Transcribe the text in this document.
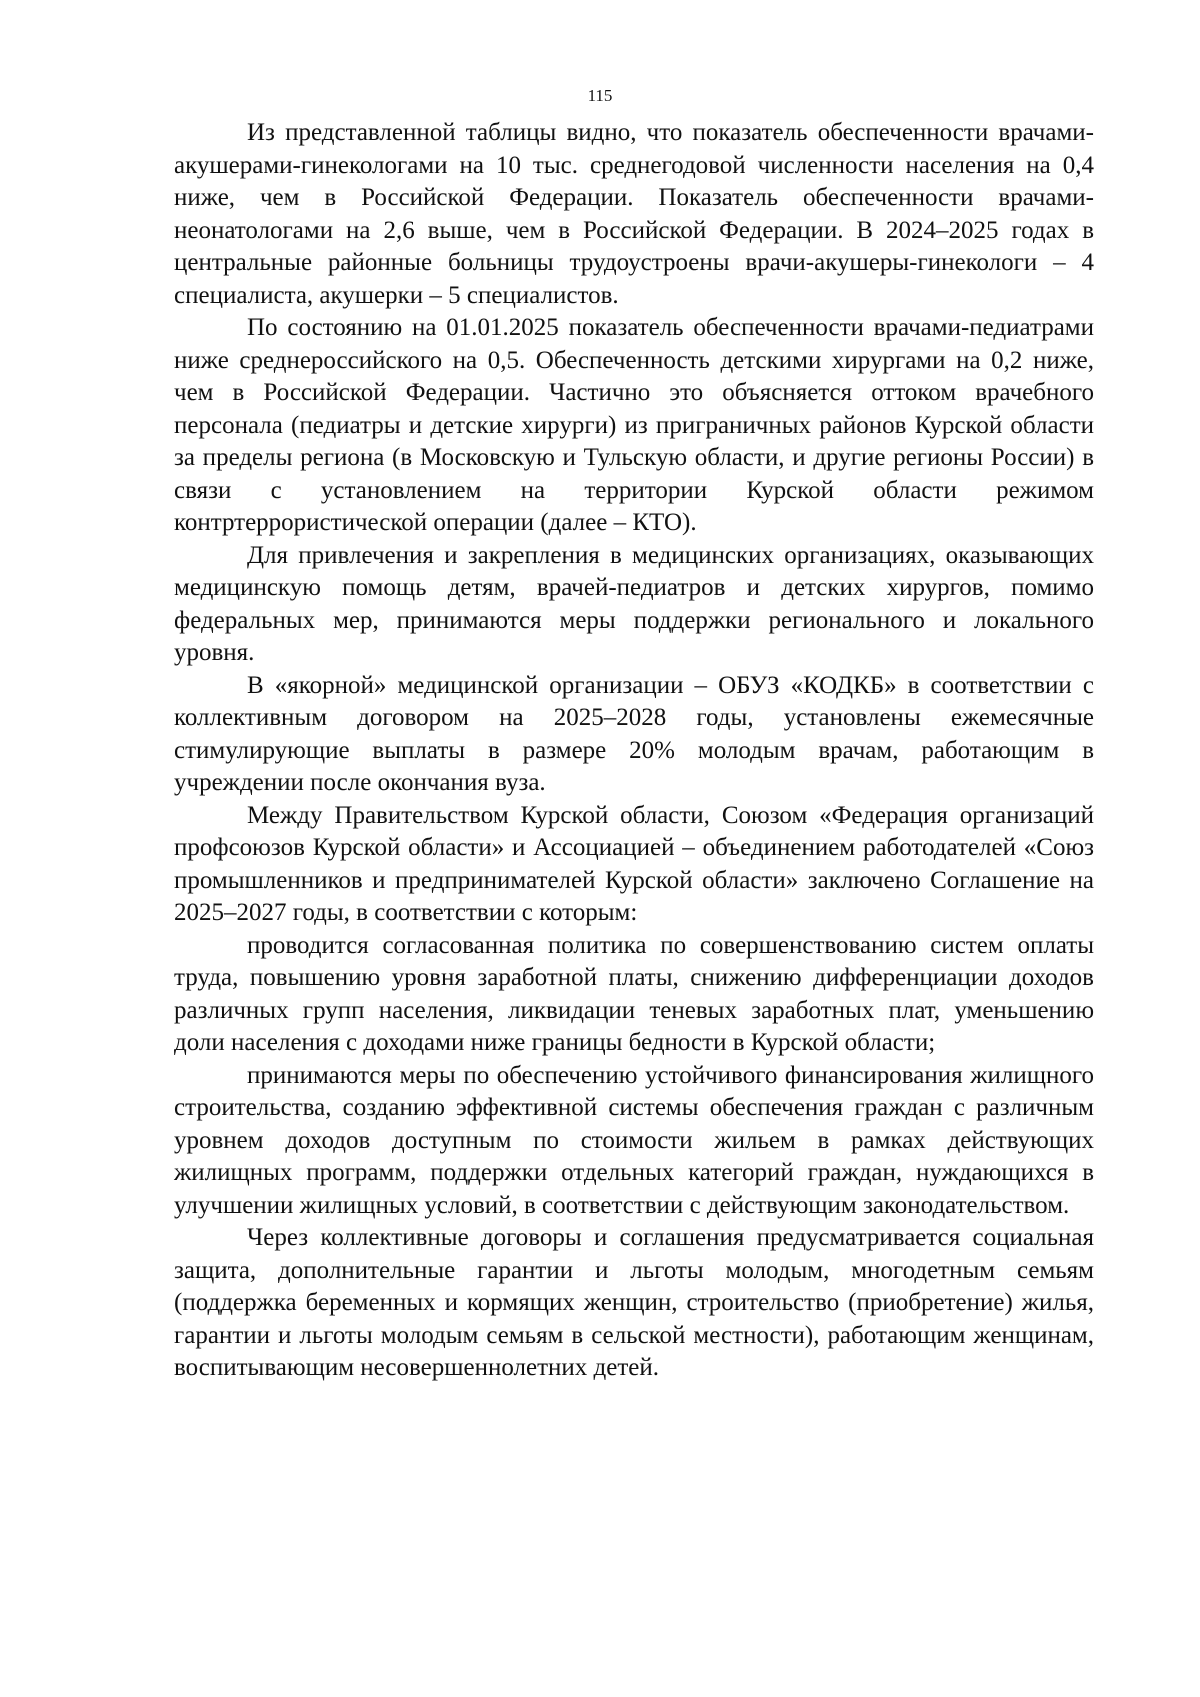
115

Из представленной таблицы видно, что показатель обеспеченности врачами-акушерами-гинекологами на 10 тыс. среднегодовой численности населения на 0,4 ниже, чем в Российской Федерации. Показатель обеспеченности врачами-неонатологами на 2,6 выше, чем в Российской Федерации. В 2024–2025 годах в центральные районные больницы трудоустроены врачи-акушеры-гинекологи – 4 специалиста, акушерки – 5 специалистов.

По состоянию на 01.01.2025 показатель обеспеченности врачами-педиатрами ниже среднероссийского на 0,5. Обеспеченность детскими хирургами на 0,2 ниже, чем в Российской Федерации. Частично это объясняется оттоком врачебного персонала (педиатры и детские хирурги) из приграничных районов Курской области за пределы региона (в Московскую и Тульскую области, и другие регионы России) в связи с установлением на территории Курской области режимом контртеррористической операции (далее – КТО).

Для привлечения и закрепления в медицинских организациях, оказывающих медицинскую помощь детям, врачей-педиатров и детских хирургов, помимо федеральных мер, принимаются меры поддержки регионального и локального уровня.

В «якорной» медицинской организации – ОБУЗ «КОДКБ» в соответствии с коллективным договором на 2025–2028 годы, установлены ежемесячные стимулирующие выплаты в размере 20% молодым врачам, работающим в учреждении после окончания вуза.

Между Правительством Курской области, Союзом «Федерация организаций профсоюзов Курской области» и Ассоциацией – объединением работодателей «Союз промышленников и предпринимателей Курской области» заключено Соглашение на 2025–2027 годы, в соответствии с которым:

проводится согласованная политика по совершенствованию систем оплаты труда, повышению уровня заработной платы, снижению дифференциации доходов различных групп населения, ликвидации теневых заработных плат, уменьшению доли населения с доходами ниже границы бедности в Курской области;

принимаются меры по обеспечению устойчивого финансирования жилищного строительства, созданию эффективной системы обеспечения граждан с различным уровнем доходов доступным по стоимости жильем в рамках действующих жилищных программ, поддержки отдельных категорий граждан, нуждающихся в улучшении жилищных условий, в соответствии с действующим законодательством.

Через коллективные договоры и соглашения предусматривается социальная защита, дополнительные гарантии и льготы молодым, многодетным семьям (поддержка беременных и кормящих женщин, строительство (приобретение) жилья, гарантии и льготы молодым семьям в сельской местности), работающим женщинам, воспитывающим несовершеннолетних детей.
